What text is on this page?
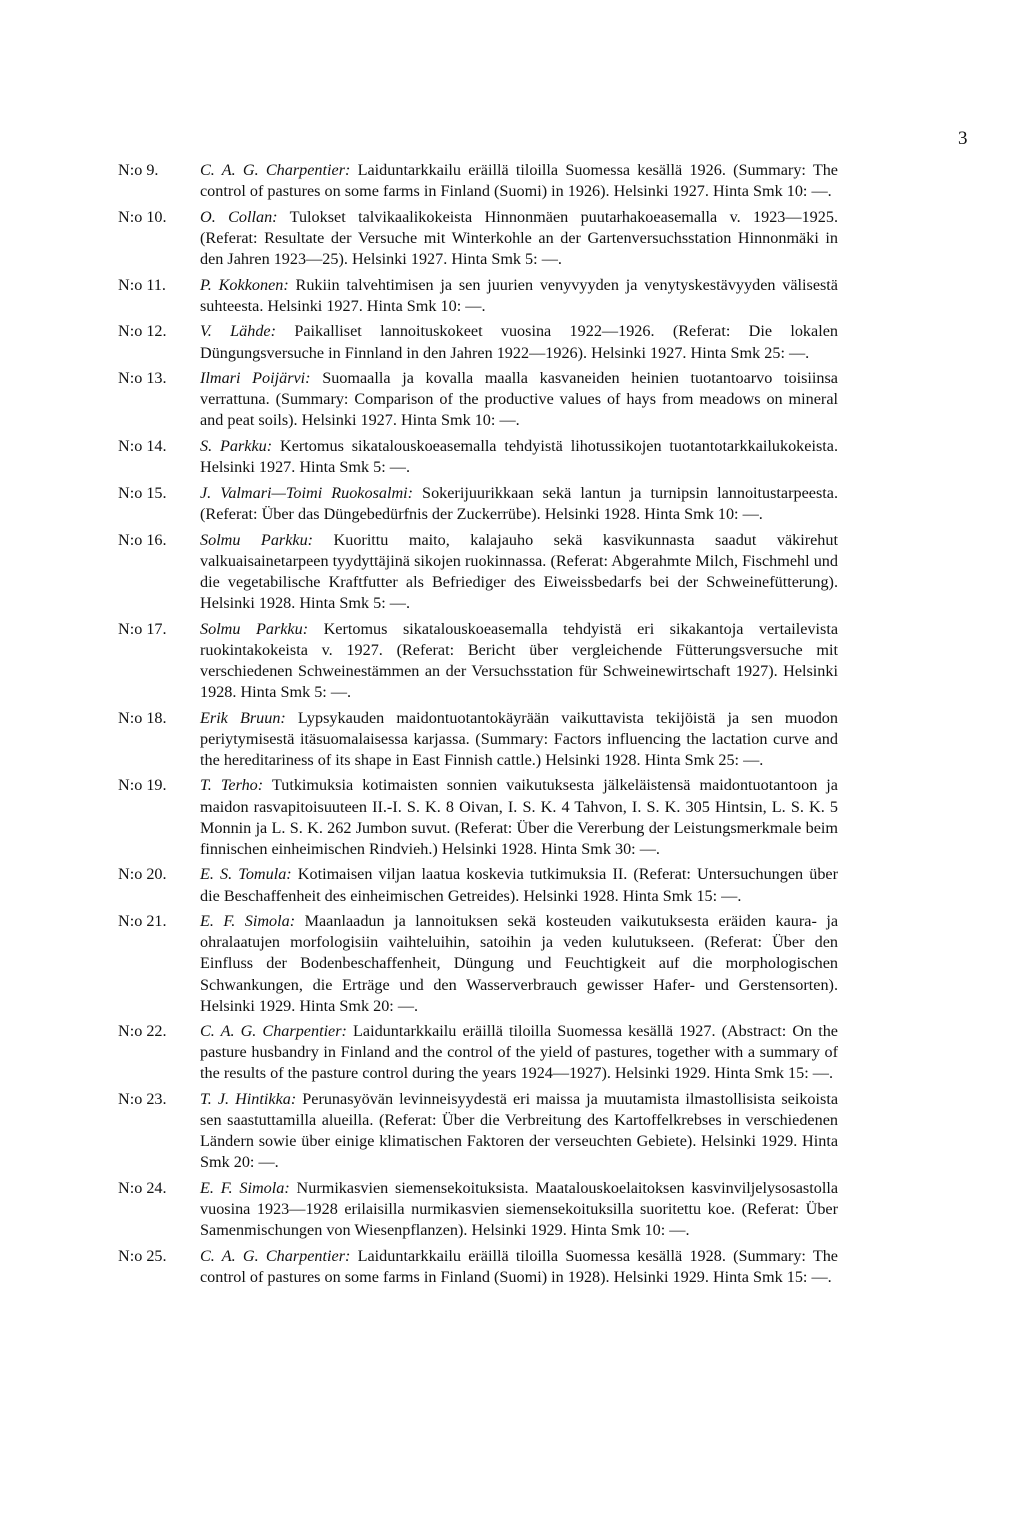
3
N:o 9.	C. A. G. Charpentier: Laiduntarkkailu eräillä tiloilla Suomessa kesällä 1926. (Summary: The control of pastures on some farms in Finland (Suomi) in 1926). Helsinki 1927. Hinta Smk 10: —.
N:o 10.	O. Collan: Tulokset talvikaalikokeista Hinnonmäen puutarhakoeasemalla v. 1923—1925. (Referat: Resultate der Versuche mit Winterkohle an der Gartenversuchsstation Hinnonmäki in den Jahren 1923—25). Helsinki 1927. Hinta Smk 5: —.
N:o 11.	P. Kokkonen: Rukiin talvehtimisen ja sen juurien venyvyyden ja venytyskestävyyden välisestä suhteesta. Helsinki 1927. Hinta Smk 10: —.
N:o 12.	V. Lähde: Paikalliset lannoituskokeet vuosina 1922—1926. (Referat: Die lokalen Düngungsversuche in Finnland in den Jahren 1922—1926). Helsinki 1927. Hinta Smk 25: —.
N:o 13.	Ilmari Poijärvi: Suomaalla ja kovalla maalla kasvaneiden heinien tuotantoarvo toisiinsa verrattuna. (Summary: Comparison of the productive values of hays from meadows on mineral and peat soils). Helsinki 1927. Hinta Smk 10: —.
N:o 14.	S. Parkku: Kertomus sikatalouskoeasemalla tehdyistä lihotussikojen tuotantotarkkailukokeista. Helsinki 1927. Hinta Smk 5: —.
N:o 15.	J. Valmari—Toimi Ruokosalmi: Sokerijuurikkaan sekä lantun ja turnipsin lannoitustarpeesta. (Referat: Über das Düngebedürfnis der Zuckerrübe). Helsinki 1928. Hinta Smk 10: —.
N:o 16.	Solmu Parkku: Kuorittu maito, kalajauho sekä kasvikunnasta saadut väkirehut valkuaisainetarpeen tyydyttäjinä sikojen ruokinnassa. (Referat: Abgerahmte Milch, Fischmehl und die vegetabilische Kraftfutter als Befriediger des Eiweissbedarfs bei der Schweinefütterung). Helsinki 1928. Hinta Smk 5: —.
N:o 17.	Solmu Parkku: Kertomus sikatalouskoeasemalla tehdyistä eri sikakantoja vertailevista ruokintakokeista v. 1927. (Referat: Bericht über vergleichende Fütterungsversuche mit verschiedenen Schweinestämmen an der Versuchsstation für Schweinewirtschaft 1927). Helsinki 1928. Hinta Smk 5: —.
N:o 18.	Erik Bruun: Lypsykauden maidontuotantokäyrään vaikuttavista tekijöistä ja sen muodon periytymisestä itäsuomalaisessa karjassa. (Summary: Factors influencing the lactation curve and the hereditariness of its shape in East Finnish cattle.) Helsinki 1928. Hinta Smk 25: —.
N:o 19.	T. Terho: Tutkimuksia kotimaisten sonnien vaikutuksesta jälkeläistensä maidontuotantoon ja maidon rasvapitoisuuteen II.-I. S. K. 8 Oivan, I. S. K. 4 Tahvon, I. S. K. 305 Hintsin, L. S. K. 5 Monnin ja L. S. K. 262 Jumbon suvut. (Referat: Über die Vererbung der Leistungsmerkmale beim finnischen einheimischen Rindvieh.) Helsinki 1928. Hinta Smk 30: —.
N:o 20.	E. S. Tomula: Kotimaisen viljan laatua koskevia tutkimuksia II. (Referat: Untersuchungen über die Beschaffenheit des einheimischen Getreides). Helsinki 1928. Hinta Smk 15: —.
N:o 21.	E. F. Simola: Maanlaadun ja lannoituksen sekä kosteuden vaikutuksesta eräiden kaura- ja ohralaatujen morfologisiin vaihteluihin, satoihin ja veden kulutukseen. (Referat: Über den Einfluss der Bodenbeschaffenheit, Düngung und Feuchtigkeit auf die morphologischen Schwankungen, die Erträge und den Wasserverbrauch gewisser Hafer- und Gerstensorten). Helsinki 1929. Hinta Smk 20: —.
N:o 22.	C. A. G. Charpentier: Laiduntarkkailu eräillä tiloilla Suomessa kesällä 1927. (Abstract: On the pasture husbandry in Finland and the control of the yield of pastures, together with a summary of the results of the pasture control during the years 1924—1927). Helsinki 1929. Hinta Smk 15: —.
N:o 23.	T. J. Hintikka: Perunasyövän levinneisyydestä eri maissa ja muutamista ilmastollisista seikoista sen saastuttamilla alueilla. (Referat: Über die Verbreitung des Kartoffelkrebses in verschiedenen Ländern sowie über einige klimatischen Faktoren der verseuchten Gebiete). Helsinki 1929. Hinta Smk 20: —.
N:o 24.	E. F. Simola: Nurmikasvien siemensekoituksista. Maatalouskoelaitoksen kasvinviljelysosastolla vuosina 1923—1928 erilaisilla nurmikasvien siemensekoituksilla suoritettu koe. (Referat: Über Samenmischungen von Wiesenpflanzen). Helsinki 1929. Hinta Smk 10: —.
N:o 25.	C. A. G. Charpentier: Laiduntarkkailu eräillä tiloilla Suomessa kesällä 1928. (Summary: The control of pastures on some farms in Finland (Suomi) in 1928). Helsinki 1929. Hinta Smk 15: —.
